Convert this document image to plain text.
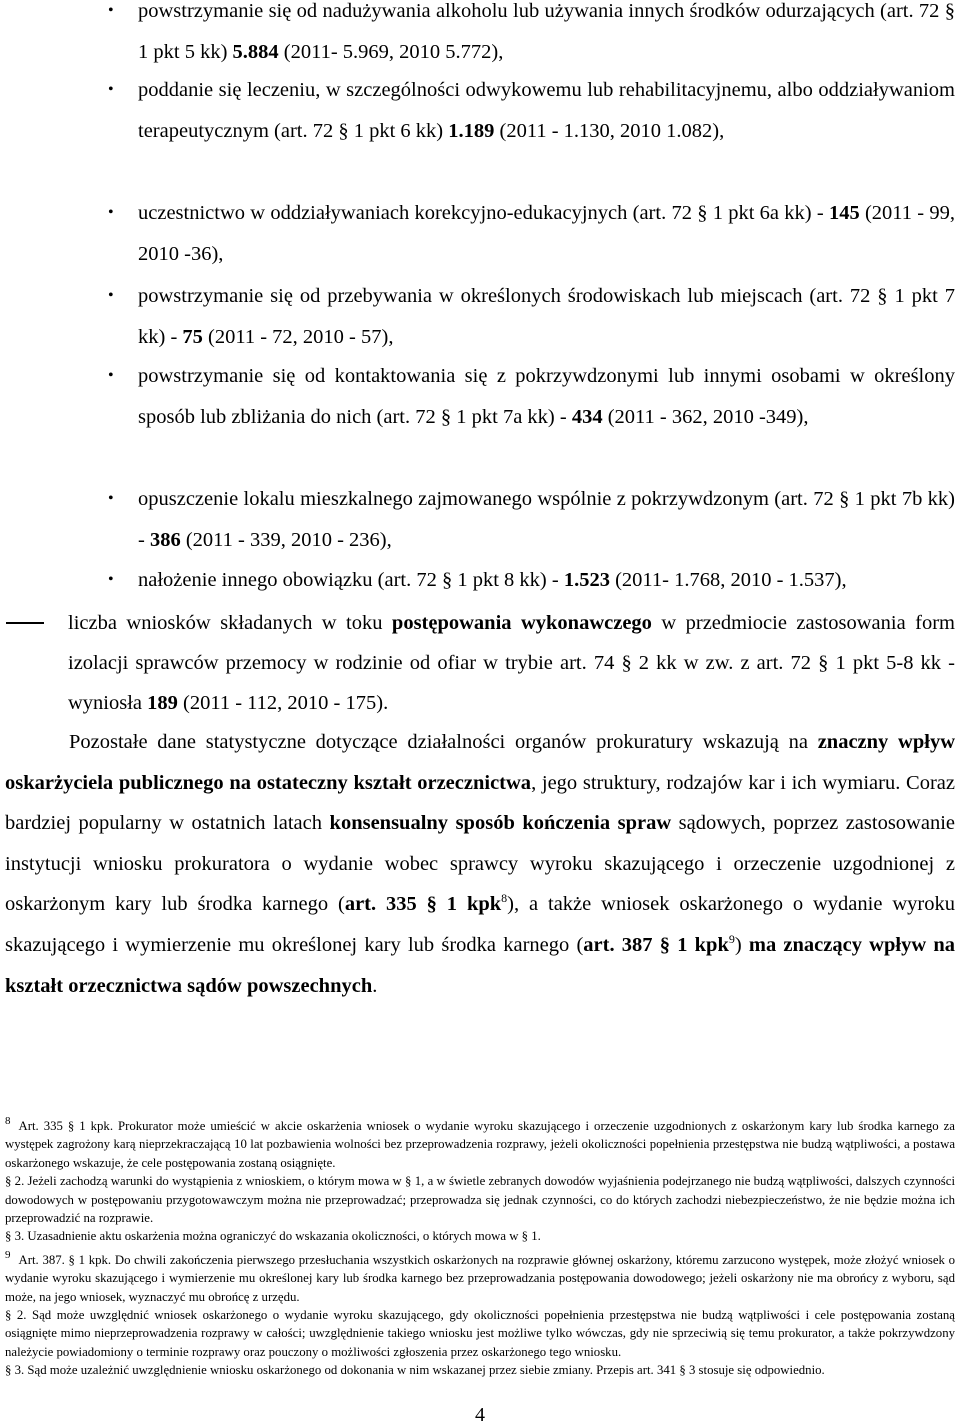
• powstrzymanie się od nadużywania alkoholu lub używania innych środków odurzających (art. 72 § 1 pkt 5 kk) 5.884 (2011- 5.969, 2010 5.772),
• poddanie się leczeniu, w szczególności odwykowemu lub rehabilitacyjnemu, albo oddziaływaniom terapeutycznym (art. 72 § 1 pkt 6 kk) 1.189 (2011 - 1.130, 2010 1.082),
• uczestnictwo w oddziaływaniach korekcyjno-edukacyjnych (art. 72 § 1 pkt 6a kk) - 145 (2011 - 99, 2010 -36),
• powstrzymanie się od przebywania w określonych środowiskach lub miejscach (art. 72 § 1 pkt 7 kk) - 75 (2011 - 72, 2010 - 57),
• powstrzymanie się od kontaktowania się z pokrzywdzonymi lub innymi osobami w określony sposób lub zbliżania do nich (art. 72 § 1 pkt 7a kk) - 434 (2011 - 362, 2010 -349),
• opuszczenie lokalu mieszkalnego zajmowanego wspólnie z pokrzywdzonym (art. 72 § 1 pkt 7b kk) - 386 (2011 - 339, 2010 - 236),
• nałożenie innego obowiązku (art. 72 § 1 pkt 8 kk) - 1.523 (2011- 1.768, 2010 - 1.537),
liczba wniosków składanych w toku postępowania wykonawczego w przedmiocie zastosowania form izolacji sprawców przemocy w rodzinie od ofiar w trybie art. 74 § 2 kk w zw. z art. 72 § 1 pkt 5-8 kk - wyniosła 189 (2011 - 112, 2010 - 175).
Pozostałe dane statystyczne dotyczące działalności organów prokuratury wskazują na znaczny wpływ oskarżyciela publicznego na ostateczny kształt orzecznictwa, jego struktury, rodzajów kar i ich wymiaru. Coraz bardziej popularny w ostatnich latach konsensualny sposób kończenia spraw sądowych, poprzez zastosowanie instytucji wniosku prokuratora o wydanie wobec sprawcy wyroku skazującego i orzeczenie uzgodnionej z oskarżonym kary lub środka karnego (art. 335 § 1 kpk$^8$), a także wniosek oskarżonego o wydanie wyroku skazującego i wymierzenie mu określonej kary lub środka karnego (art. 387 § 1 kpk$^9$) ma znaczący wpływ na kształt orzecznictwa sądów powszechnych.

8 Art. 335 § 1 kpk. Prokurator może umieścić w akcie oskarżenia wniosek o wydanie wyroku skazującego i orzeczenie uzgodnionych z oskarżonym kary lub środka karnego za występek zagrożony karą nieprzekraczającą 10 lat pozbawienia wolności bez przeprowadzenia rozprawy, jeżeli okoliczności popełnienia przestępstwa nie budzą wątpliwości, a postawa oskarżonego wskazuje, że cele postępowania zostaną osiągnięte.

§ 2. Jeżeli zachodzą warunki do wystąpienia z wnioskiem, o którym mowa w § 1, a w świetle zebranych dowodów wyjaśnienia podejrzanego nie budzą wątpliwości, dalszych czynności dowodowych w postępowaniu przygotowawczym można nie przeprowadzać; przeprowadza się jednak czynności, co do których zachodzi niebezpieczeństwo, że nie będzie można ich przeprowadzić na rozprawie.

§ 3. Uzasadnienie aktu oskarżenia można ograniczyć do wskazania okoliczności, o których mowa w § 1.

9 Art. 387. § 1 kpk. Do chwili zakończenia pierwszego przesłuchania wszystkich oskarżonych na rozprawie głównej oskarżony, któremu zarzucono występek, może złożyć wniosek o wydanie wyroku skazującego i wymierzenie mu określonej kary lub środka karnego bez przeprowadzania postępowania dowodowego; jeżeli oskarżony nie ma obrońcy z wyboru, sąd może, na jego wniosek, wyznaczyć mu obrońcę z urzędu.

§ 2. Sąd może uwzględnić wniosek oskarżonego o wydanie wyroku skazującego, gdy okoliczności popełnienia przestępstwa nie budzą wątpliwości i cele postępowania zostaną osiągnięte mimo nieprzeprowadzenia rozprawy w całości; uwzględnienie takiego wniosku jest możliwe tylko wówczas, gdy nie sprzeciwią się temu prokurator, a także pokrzywdzony należycie powiadomiony o terminie rozprawy oraz pouczony o możliwości zgłoszenia przez oskarżonego tego wniosku.

§ 3. Sąd może uzależnić uwzględnienie wniosku oskarżonego od dokonania w nim wskazanej przez siebie zmiany. Przepis art. 341 § 3 stosuje się odpowiednio.

4
